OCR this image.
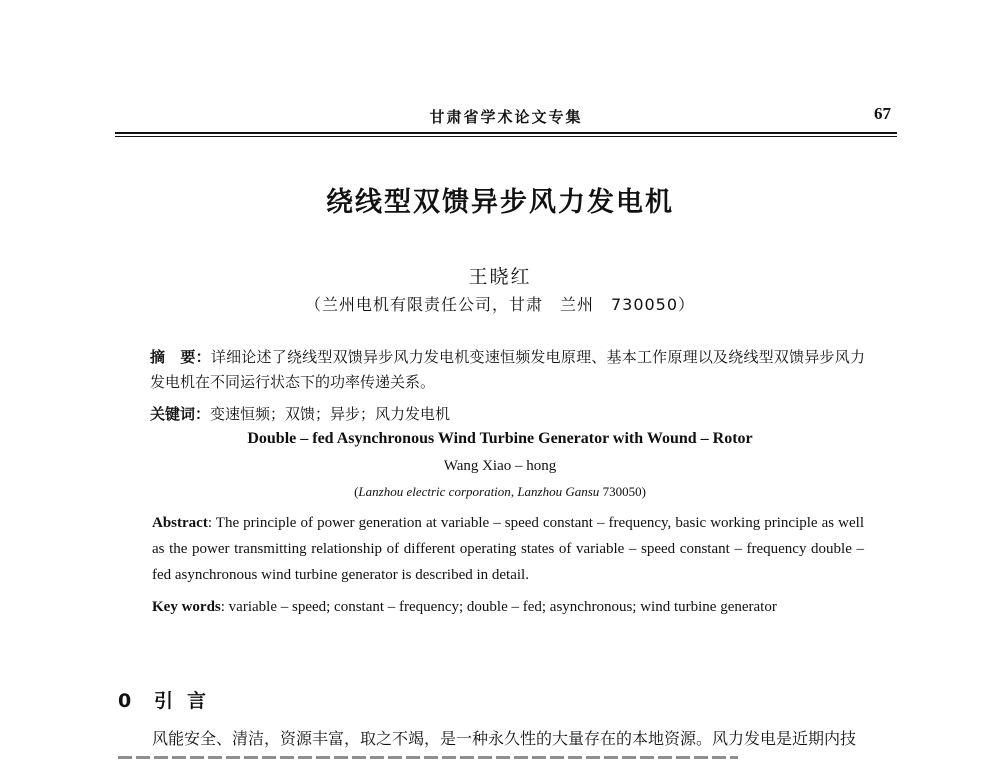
甘肃省学术论文专集	67
绕线型双馈异步风力发电机
王晓红
（兰州电机有限责任公司，甘肃　兰州　730050）
摘　要：详细论述了绕线型双馈异步风力发电机变速恒频发电原理、基本工作原理以及绕线型双馈异步风力发电机在不同运行状态下的功率传递关系。
关键词：变速恒频；双馈；异步；风力发电机
Double – fed Asynchronous Wind Turbine Generator with Wound – Rotor
Wang Xiao – hong
(Lanzhou electric corporation, Lanzhou Gansu 730050)
Abstract: The principle of power generation at variable – speed constant – frequency, basic working principle as well as the power transmitting relationship of different operating states of variable – speed constant – frequency double – fed asynchronous wind turbine generator is described in detail.
Key words: variable – speed; constant – frequency; double – fed; asynchronous; wind turbine generator
0 引言
风能安全、清洁，资源丰富，取之不竭，是一种永久性的大量存在的本地资源。风力发电是近期内技
